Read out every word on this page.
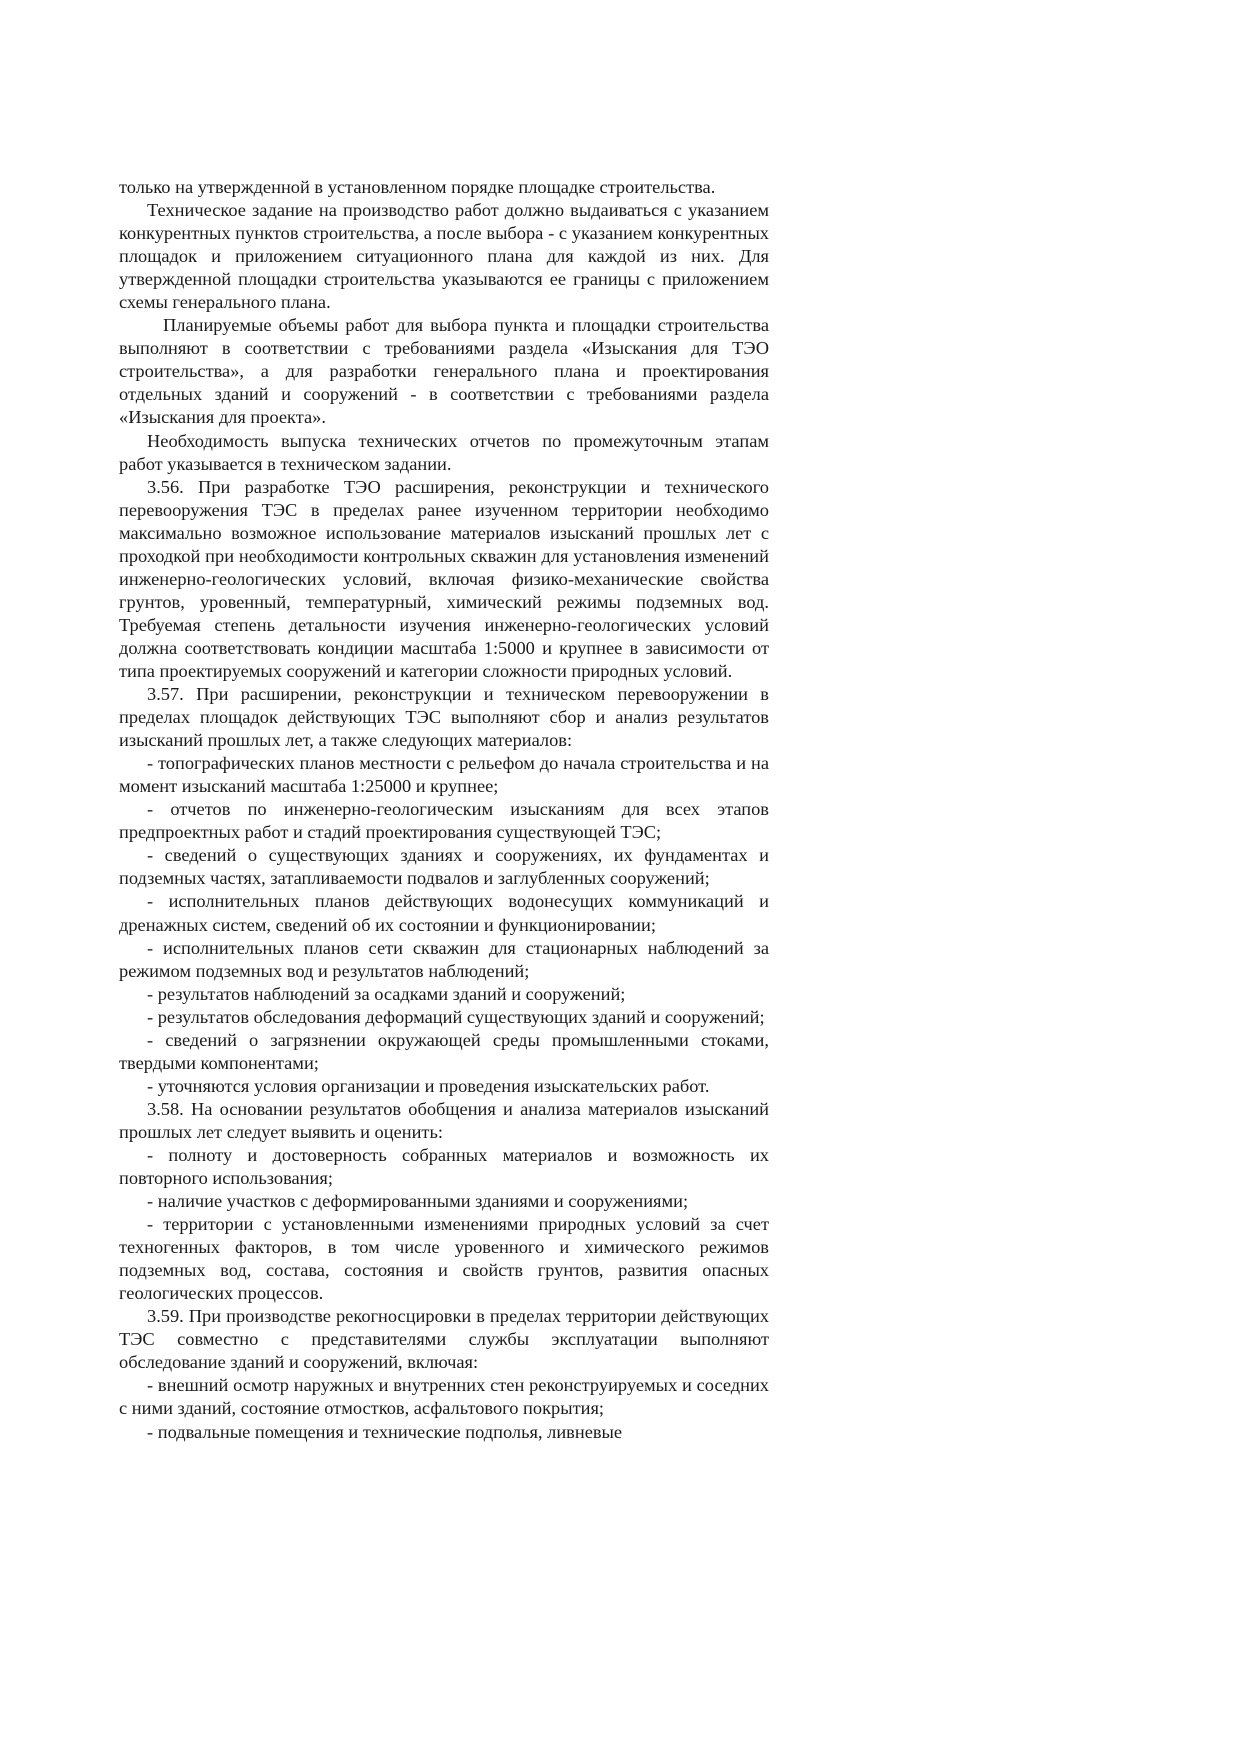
только на утвержденной в установленном порядке площадке строительства.

Техническое задание на производство работ должно выдаиваться с указанием конкурентных пунктов строительства, а после выбора - с указанием конкурентных площадок и приложением ситуационного плана для каждой из них. Для утвержденной площадки строительства указываются ее границы с приложением схемы генерального плана.

Планируемые объемы работ для выбора пункта и площадки строительства выполняют в соответствии с требованиями раздела «Изыскания для ТЭО строительства», а для разработки генерального плана и проектирования отдельных зданий и сооружений - в соответствии с требованиями раздела «Изыскания для проекта».

Необходимость выпуска технических отчетов по промежуточным этапам работ указывается в техническом задании.

3.56. При разработке ТЭО расширения, реконструкции и технического перевооружения ТЭС в пределах ранее изученном территории необходимо максимально возможное использование материалов изысканий прошлых лет с проходкой при необходимости контрольных скважин для установления изменений инженерно-геологических условий, включая физико-механические свойства грунтов, уровенный, температурный, химический режимы подземных вод. Требуемая степень детальности изучения инженерно-геологических условий должна соответствовать кондиции масштаба 1:5000 и крупнее в зависимости от типа проектируемых сооружений и категории сложности природных условий.

3.57. При расширении, реконструкции и техническом перевооружении в пределах площадок действующих ТЭС выполняют сбор и анализ результатов изысканий прошлых лет, а также следующих материалов:

- топографических планов местности с рельефом до начала строительства и на момент изысканий масштаба 1:25000 и крупнее;

- отчетов по инженерно-геологическим изысканиям для всех этапов предпроектных работ и стадий проектирования существующей ТЭС;

- сведений о существующих зданиях и сооружениях, их фундаментах и подземных частях, затапливаемости подвалов и заглубленных сооружений;

- исполнительных планов действующих водонесущих коммуникаций и дренажных систем, сведений об их состоянии и функционировании;

- исполнительных планов сети скважин для стационарных наблюдений за режимом подземных вод и результатов наблюдений;

- результатов наблюдений за осадками зданий и сооружений;

- результатов обследования деформаций существующих зданий и сооружений;

- сведений о загрязнении окружающей среды промышленными стоками, твердыми компонентами;

- уточняются условия организации и проведения изыскательских работ.

3.58. На основании результатов обобщения и анализа материалов изысканий прошлых лет следует выявить и оценить:

- полноту и достоверность собранных материалов и возможность их повторного использования;

- наличие участков с деформированными зданиями и сооружениями;

- территории с установленными изменениями природных условий за счет техногенных факторов, в том числе уровенного и химического режимов подземных вод, состава, состояния и свойств грунтов, развития опасных геологических процессов.

3.59. При производстве рекогносцировки в пределах территории действующих ТЭС совместно с представителями службы эксплуатации выполняют обследование зданий и сооружений, включая:

- внешний осмотр наружных и внутренних стен реконструируемых и соседних с ними зданий, состояние отмостков, асфальтового покрытия;

- подвальные помещения и технические подполья, ливневые
